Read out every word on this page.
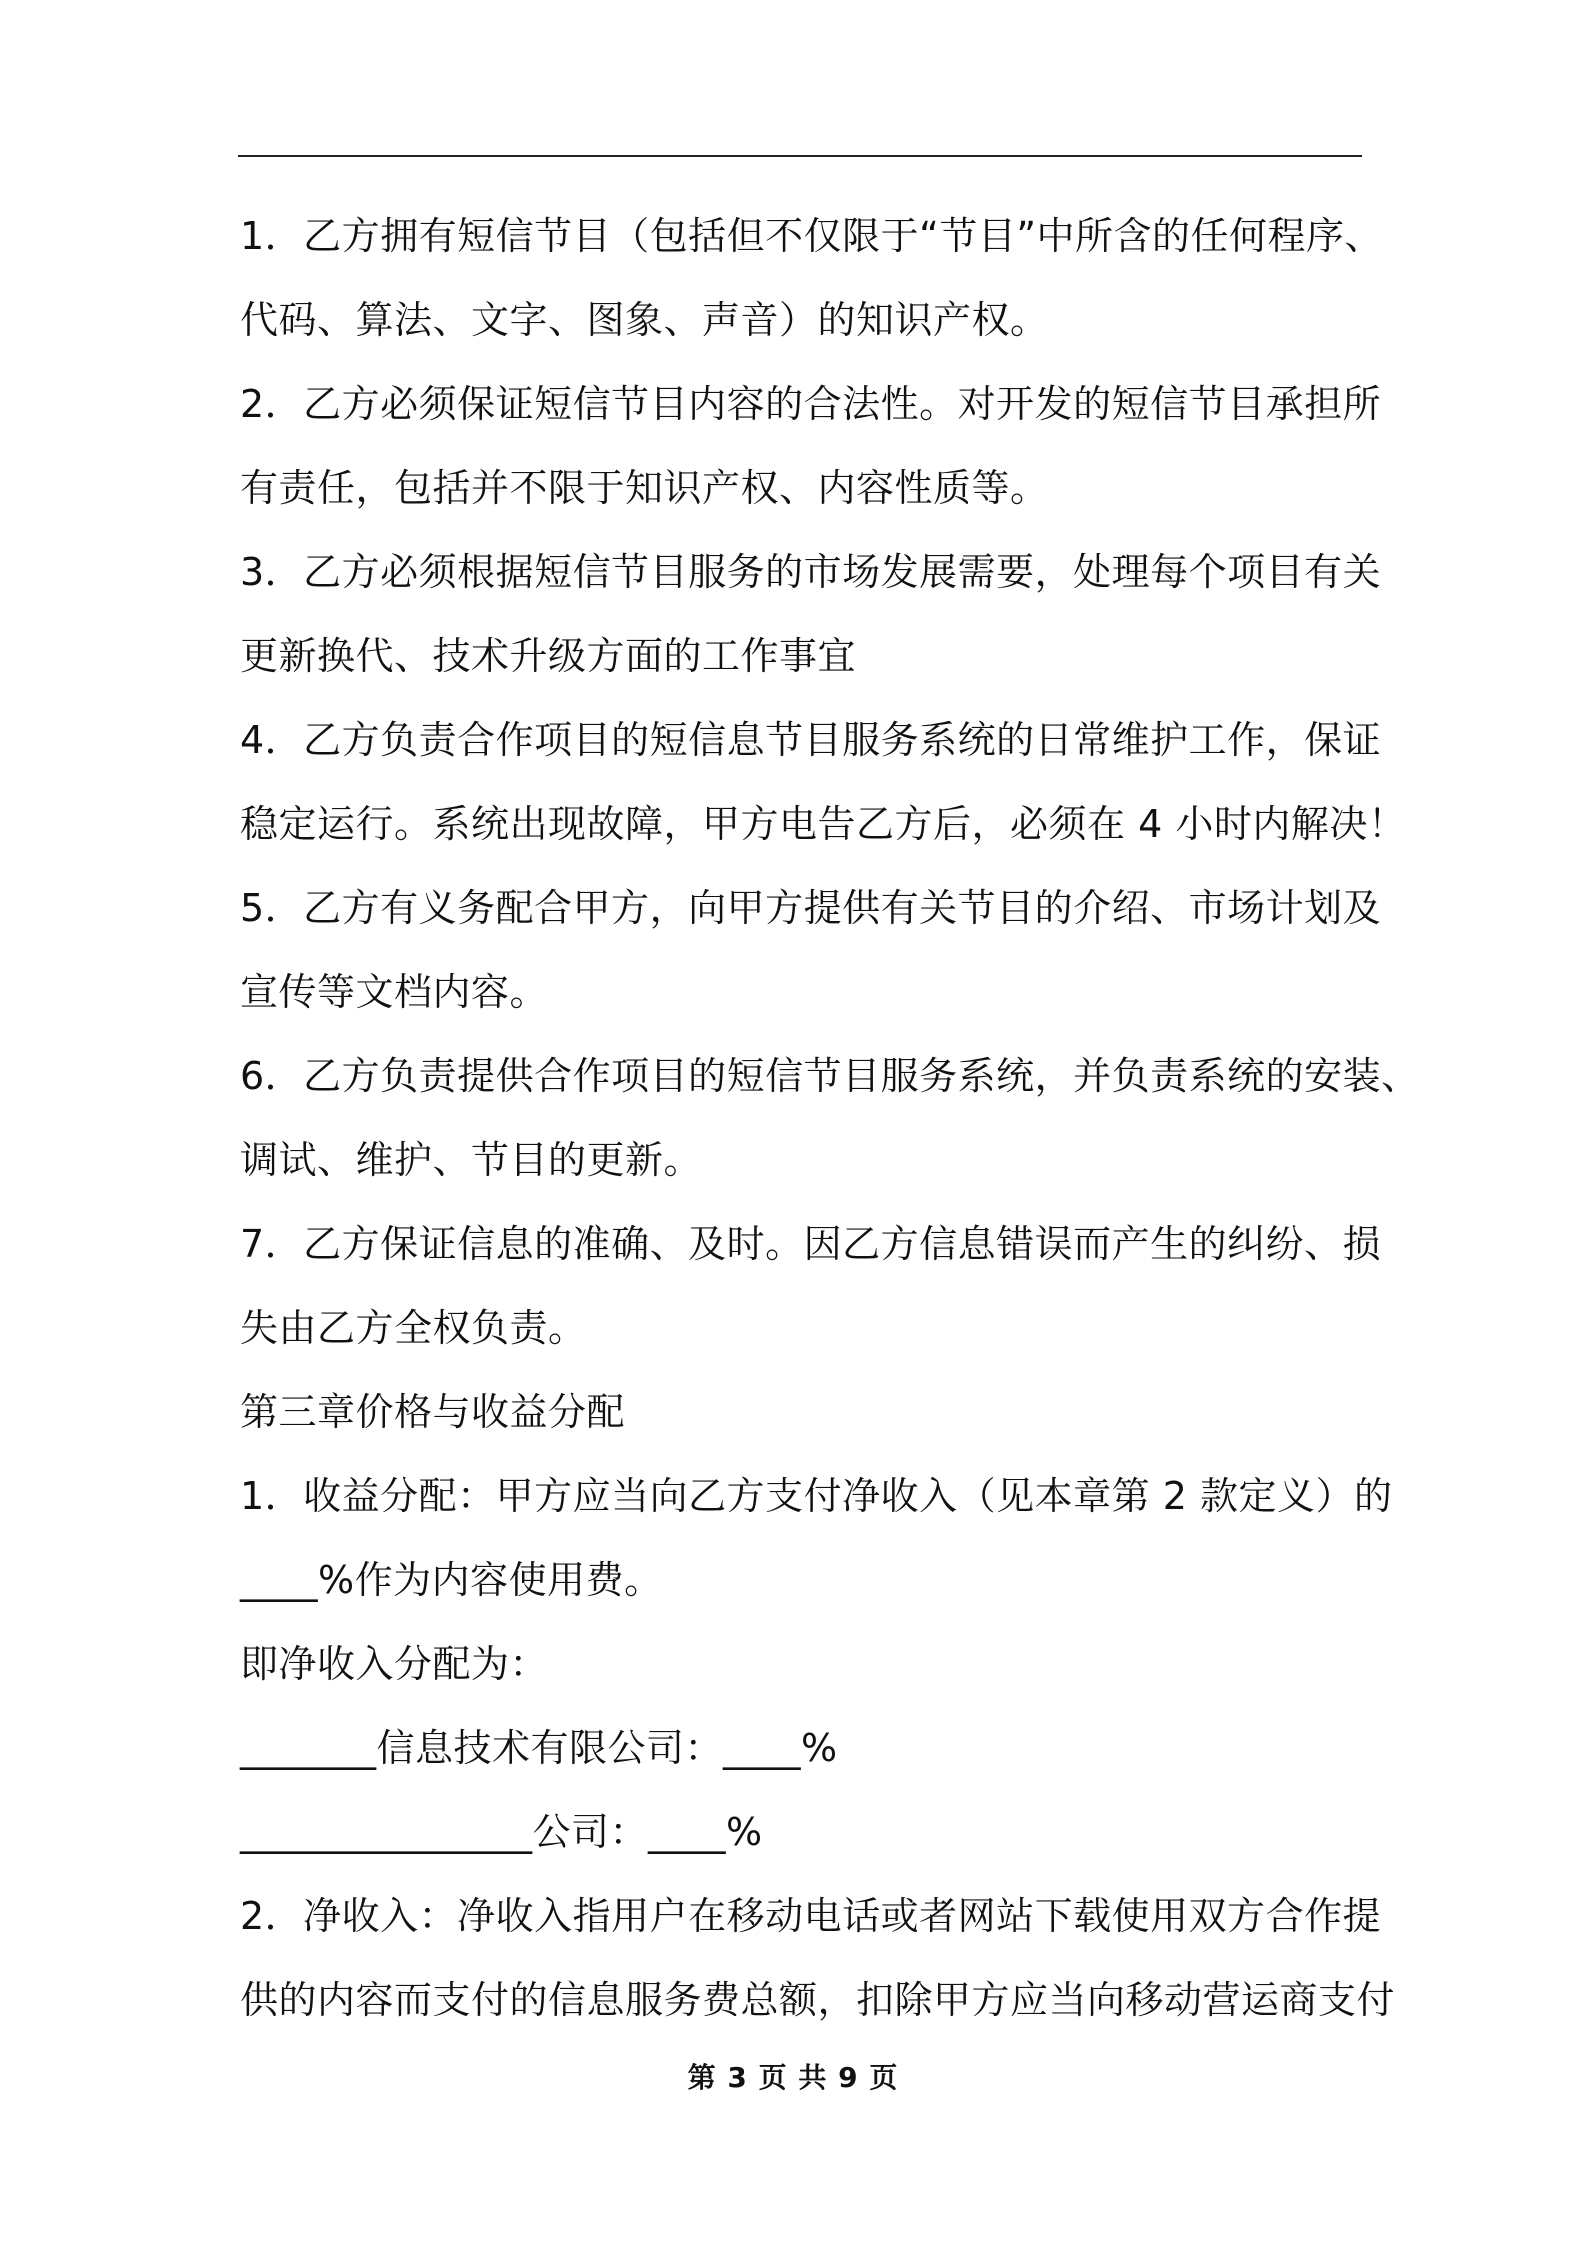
1．乙方拥有短信节目（包括但不仅限于“节目”中所含的任何程序、
代码、算法、文字、图象、声音）的知识产权。
2．乙方必须保证短信节目内容的合法性。对开发的短信节目承担所
有责任，包括并不限于知识产权、内容性质等。
3．乙方必须根据短信节目服务的市场发展需要，处理每个项目有关
更新换代、技术升级方面的工作事宜
4．乙方负责合作项目的短信息节目服务系统的日常维护工作，保证
稳定运行。系统出现故障，甲方电告乙方后，必须在 4 小时内解决！
5．乙方有义务配合甲方，向甲方提供有关节目的介绍、市场计划及
宣传等文档内容。
6．乙方负责提供合作项目的短信节目服务系统，并负责系统的安装、
调试、维护、节目的更新。
7．乙方保证信息的准确、及时。因乙方信息错误而产生的纠纷、损
失由乙方全权负责。
第三章价格与收益分配
1．收益分配：甲方应当向乙方支付净收入（见本章第 2 款定义）的
____%作为内容使用费。
即净收入分配为：
_______信息技术有限公司：____%
_______________公司：____%
2．净收入：净收入指用户在移动电话或者网站下载使用双方合作提
供的内容而支付的信息服务费总额，扣除甲方应当向移动营运商支付
第 3 页 共 9 页
